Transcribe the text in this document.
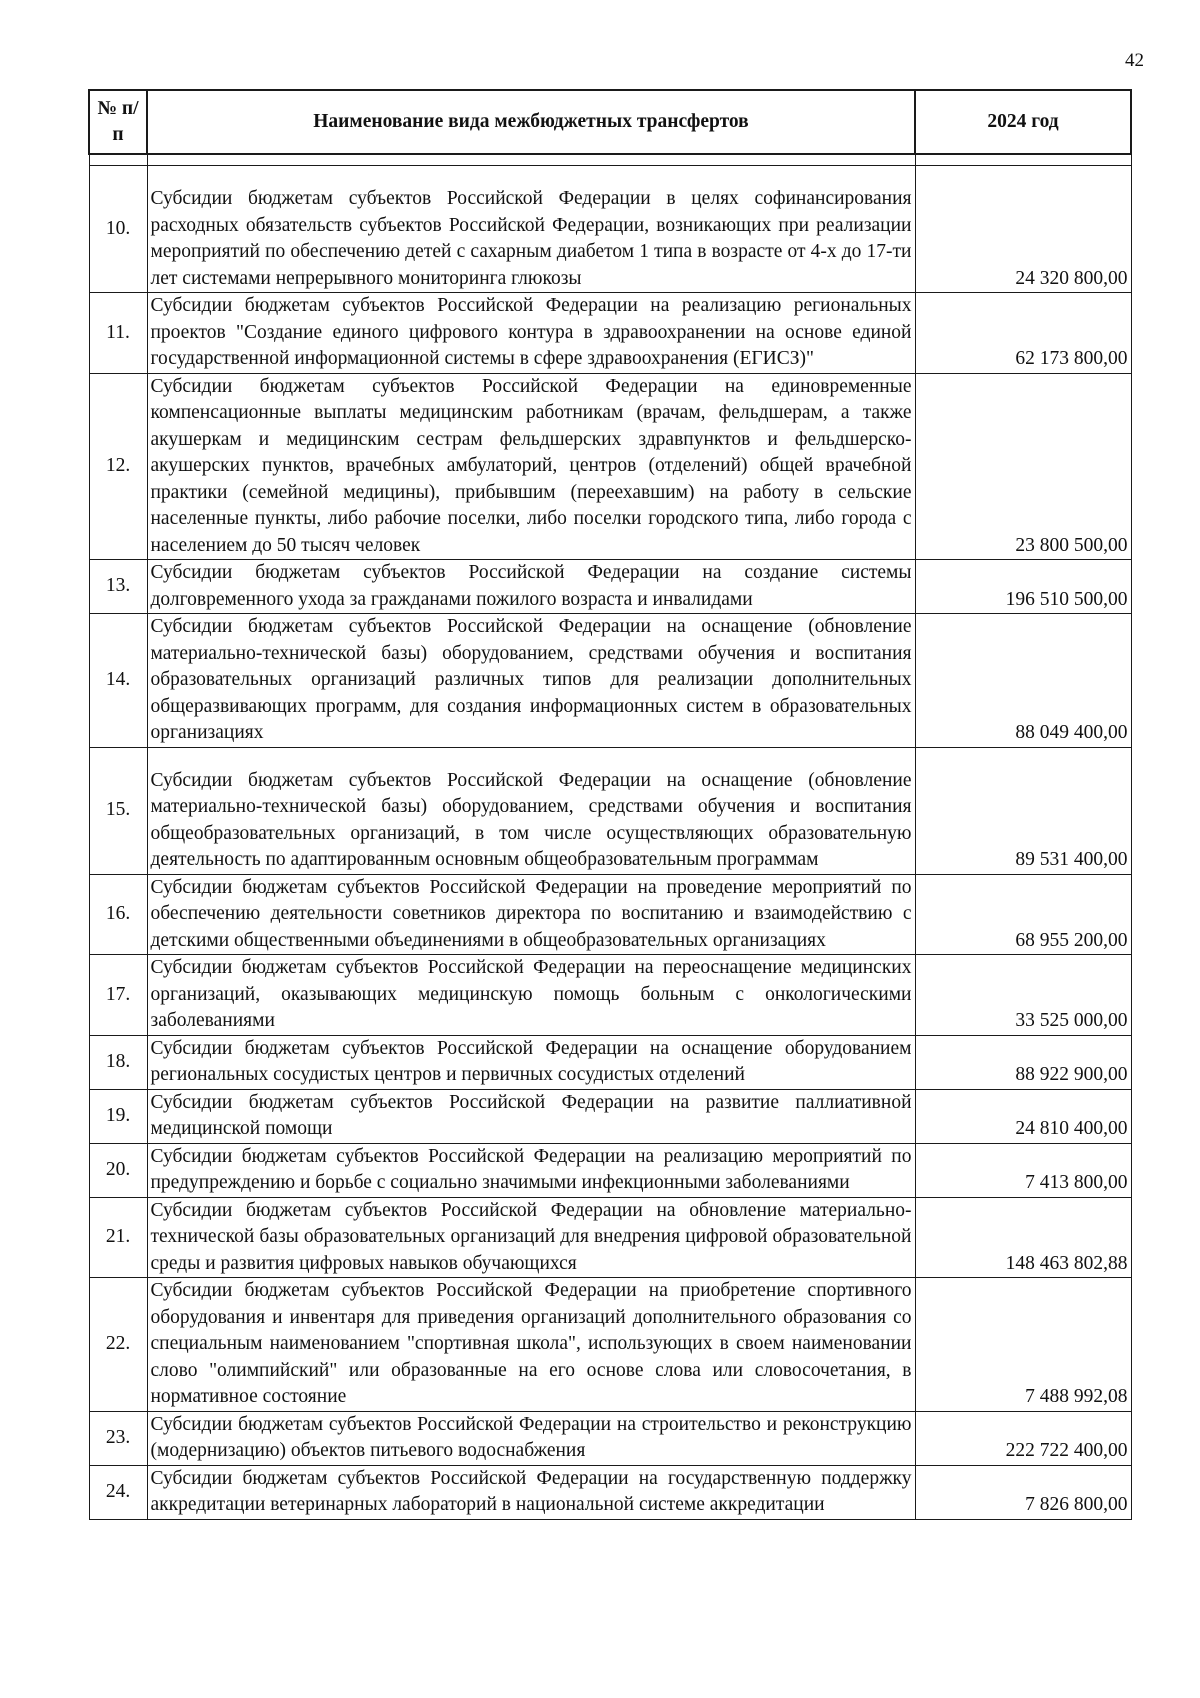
42
№ п/п	Наименование вида межбюджетных трансфертов	2024 год

10.	Субсидии бюджетам субъектов Российской Федерации в целях софинансирования расходных обязательств субъектов Российской Федерации, возникающих при реализации мероприятий по обеспечению детей с сахарным диабетом 1 типа в возрасте от 4-х до 17-ти лет системами непрерывного мониторинга глюкозы	24 320 800,00
11.	Субсидии бюджетам субъектов Российской Федерации на реализацию региональных проектов "Создание единого цифрового контура в здравоохранении на основе единой государственной информационной системы в сфере здравоохранения (ЕГИСЗ)"	62 173 800,00
12.	Субсидии бюджетам субъектов Российской Федерации на единовременные компенсационные выплаты медицинским работникам (врачам, фельдшерам, а также акушеркам и медицинским сестрам фельдшерских здравпунктов и фельдшерско-акушерских пунктов, врачебных амбулаторий, центров (отделений) общей врачебной практики (семейной медицины), прибывшим (переехавшим) на работу в сельские населенные пункты, либо рабочие поселки, либо поселки городского типа, либо города с населением до 50 тысяч человек	23 800 500,00
13.	Субсидии бюджетам субъектов Российской Федерации на создание системы долговременного ухода за гражданами пожилого возраста и инвалидами	196 510 500,00
14.	Субсидии бюджетам субъектов Российской Федерации на оснащение (обновление материально-технической базы) оборудованием, средствами обучения и воспитания образовательных организаций различных типов для реализации дополнительных общеразвивающих программ, для создания информационных систем в образовательных организациях	88 049 400,00
15.	Субсидии бюджетам субъектов Российской Федерации на оснащение (обновление материально-технической базы) оборудованием, средствами обучения и воспитания общеобразовательных организаций, в том числе осуществляющих образовательную деятельность по адаптированным основным общеобразовательным программам	89 531 400,00
16.	Субсидии бюджетам субъектов Российской Федерации на проведение мероприятий по обеспечению деятельности советников директора по воспитанию и взаимодействию с детскими общественными объединениями в общеобразовательных организациях	68 955 200,00
17.	Субсидии бюджетам субъектов Российской Федерации на переоснащение медицинских организаций, оказывающих медицинскую помощь больным с онкологическими заболеваниями	33 525 000,00
18.	Субсидии бюджетам субъектов Российской Федерации на оснащение оборудованием региональных сосудистых центров и первичных сосудистых отделений	88 922 900,00
19.	Субсидии бюджетам субъектов Российской Федерации на развитие паллиативной медицинской помощи	24 810 400,00
20.	Субсидии бюджетам субъектов Российской Федерации на реализацию мероприятий по предупреждению и борьбе с социально значимыми инфекционными заболеваниями	7 413 800,00
21.	Субсидии бюджетам субъектов Российской Федерации на обновление материально-технической базы образовательных организаций для внедрения цифровой образовательной среды и развития цифровых навыков обучающихся	148 463 802,88
22.	Субсидии бюджетам субъектов Российской Федерации на приобретение спортивного оборудования и инвентаря для приведения организаций дополнительного образования со специальным наименованием "спортивная школа", использующих в своем наименовании слово "олимпийский" или образованные на его основе слова или словосочетания, в нормативное состояние	7 488 992,08
23.	Субсидии бюджетам субъектов Российской Федерации на строительство и реконструкцию (модернизацию) объектов питьевого водоснабжения	222 722 400,00
24.	Субсидии бюджетам субъектов Российской Федерации на государственную поддержку аккредитации ветеринарных лабораторий в национальной системе аккредитации	7 826 800,00
